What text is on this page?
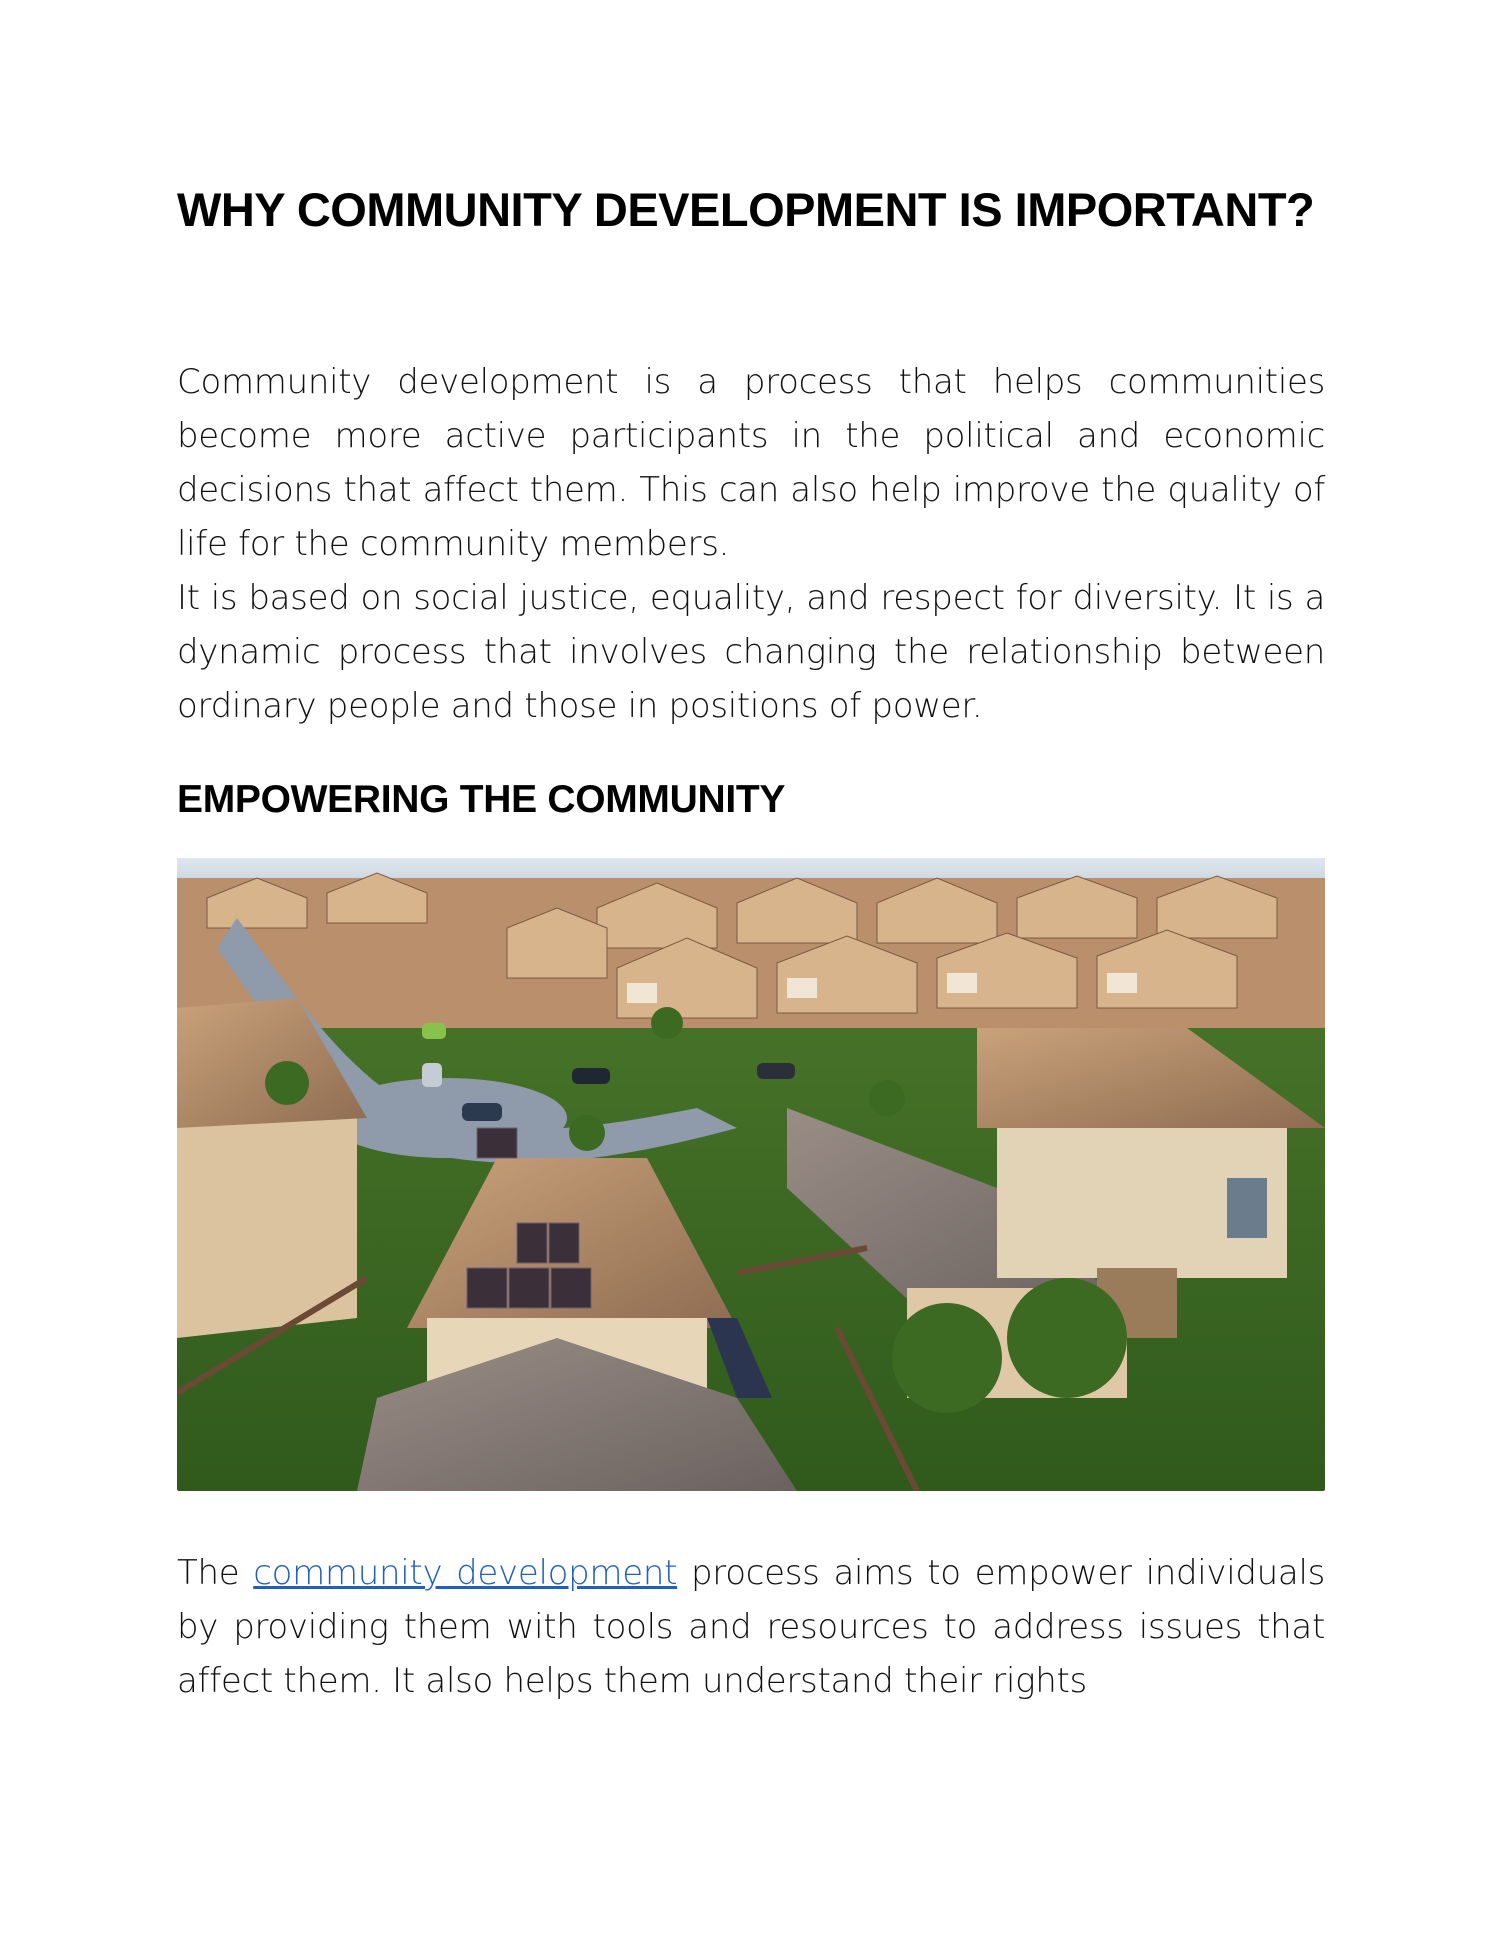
WHY COMMUNITY DEVELOPMENT IS IMPORTANT?

Community development is a process that helps communities become more active participants in the political and economic decisions that affect them. This can also help improve the quality of life for the community members.

It is based on social justice, equality, and respect for diversity. It is a dynamic process that involves changing the relationship between ordinary people and those in positions of power.

EMPOWERING THE COMMUNITY

The community development process aims to empower individuals by providing them with tools and resources to address issues that affect them. It also helps them understand their rights
